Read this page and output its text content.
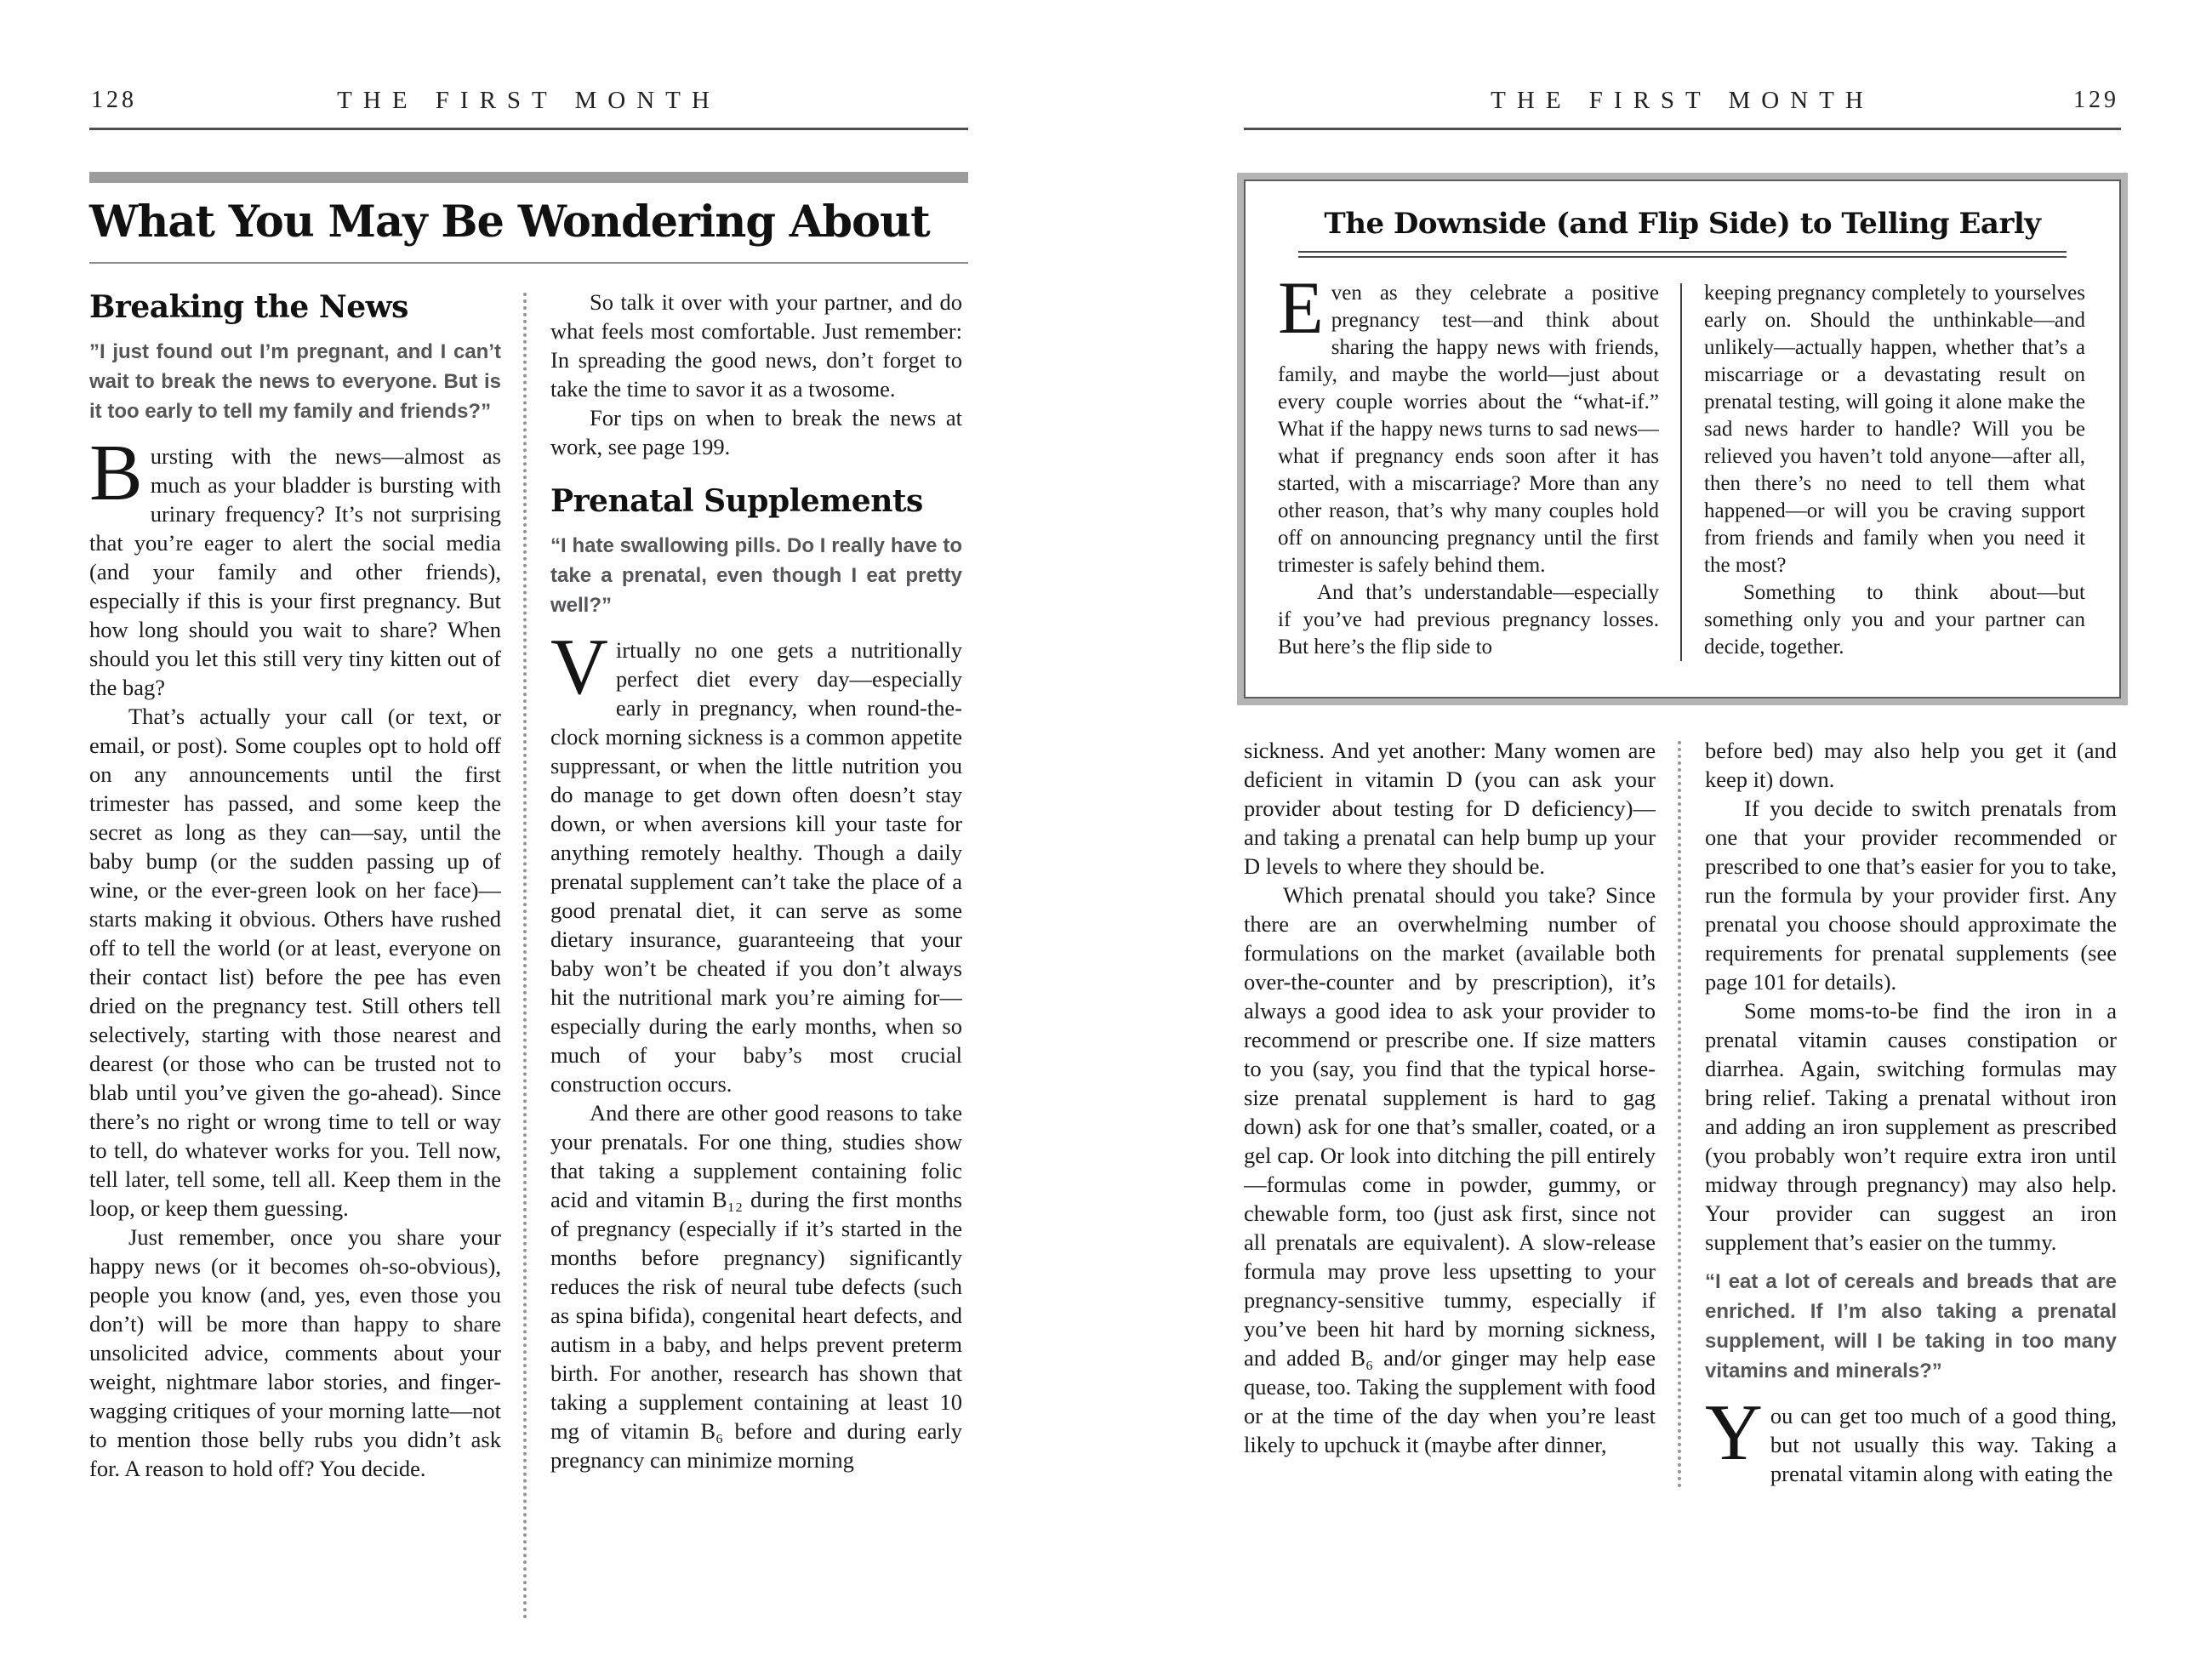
128	THE FIRST MONTH
What You May Be Wondering About
Breaking the News

”I just found out I’m pregnant, and I can’t wait to break the news to everyone. But is it too early to tell my family and friends?”

Bursting with the news—almost as much as your bladder is bursting with urinary frequency? It’s not surprising that you’re eager to alert the social media (and your family and other friends), especially if this is your first pregnancy. But how long should you wait to share? When should you let this still very tiny kitten out of the bag?

That’s actually your call (or text, or email, or post). Some couples opt to hold off on any announcements until the first trimester has passed, and some keep the secret as long as they can—say, until the baby bump (or the sudden passing up of wine, or the ever-green look on her face)—starts making it obvious. Others have rushed off to tell the world (or at least, everyone on their contact list) before the pee has even dried on the pregnancy test. Still others tell selectively, starting with those nearest and dearest (or those who can be trusted not to blab until you’ve given the go-ahead). Since there’s no right or wrong time to tell or way to tell, do whatever works for you. Tell now, tell later, tell some, tell all. Keep them in the loop, or keep them guessing.

Just remember, once you share your happy news (or it becomes oh-so-obvious), people you know (and, yes, even those you don’t) will be more than happy to share unsolicited advice, comments about your weight, nightmare labor stories, and finger-wagging critiques of your morning latte—not to mention those belly rubs you didn’t ask for. A reason to hold off? You decide.

So talk it over with your partner, and do what feels most comfortable. Just remember: In spreading the good news, don’t forget to take the time to savor it as a twosome.

For tips on when to break the news at work, see page 199.

Prenatal Supplements

“I hate swallowing pills. Do I really have to take a prenatal, even though I eat pretty well?”

Virtually no one gets a nutritionally perfect diet every day—especially early in pregnancy, when round-the-clock morning sickness is a common appetite suppressant, or when the little nutrition you do manage to get down often doesn’t stay down, or when aversions kill your taste for anything remotely healthy. Though a daily prenatal supplement can’t take the place of a good prenatal diet, it can serve as some dietary insurance, guaranteeing that your baby won’t be cheated if you don’t always hit the nutritional mark you’re aiming for—especially during the early months, when so much of your baby’s most crucial construction occurs.

And there are other good reasons to take your prenatals. For one thing, studies show that taking a supplement containing folic acid and vitamin B₁₂ during the first months of pregnancy (especially if it’s started in the months before pregnancy) significantly reduces the risk of neural tube defects (such as spina bifida), congenital heart defects, and autism in a baby, and helps prevent preterm birth. For another, research has shown that taking a supplement containing at least 10 mg of vitamin B₆ before and during early pregnancy can minimize morning

THE FIRST MONTH	129
The Downside (and Flip Side) to Telling Early

Even as they celebrate a positive pregnancy test—and think about sharing the happy news with friends, family, and maybe the world—just about every couple worries about the “what-if.” What if the happy news turns to sad news—what if pregnancy ends soon after it has started, with a miscarriage? More than any other reason, that’s why many couples hold off on announcing pregnancy until the first trimester is safely behind them.

And that’s understandable—especially if you’ve had previous pregnancy losses. But here’s the flip side to

keeping pregnancy completely to yourselves early on. Should the unthinkable—and unlikely—actually happen, whether that’s a miscarriage or a devastating result on prenatal testing, will going it alone make the sad news harder to handle? Will you be relieved you haven’t told anyone—after all, then there’s no need to tell them what happened—or will you be craving support from friends and family when you need it the most?

Something to think about—but something only you and your partner can decide, together.

sickness. And yet another: Many women are deficient in vitamin D (you can ask your provider about testing for D deficiency)—and taking a prenatal can help bump up your D levels to where they should be.

Which prenatal should you take? Since there are an overwhelming number of formulations on the market (available both over-the-counter and by prescription), it’s always a good idea to ask your provider to recommend or prescribe one. If size matters to you (say, you find that the typical horse-size prenatal supplement is hard to gag down) ask for one that’s smaller, coated, or a gel cap. Or look into ditching the pill entirely—formulas come in powder, gummy, or chewable form, too (just ask first, since not all prenatals are equivalent). A slow-release formula may prove less upsetting to your pregnancy-sensitive tummy, especially if you’ve been hit hard by morning sickness, and added B₆ and/or ginger may help ease quease, too. Taking the supplement with food or at the time of the day when you’re least likely to upchuck it (maybe after dinner,

before bed) may also help you get it (and keep it) down.

If you decide to switch prenatals from one that your provider recommended or prescribed to one that’s easier for you to take, run the formula by your provider first. Any prenatal you choose should approximate the requirements for prenatal supplements (see page 101 for details).

Some moms-to-be find the iron in a prenatal vitamin causes constipation or diarrhea. Again, switching formulas may bring relief. Taking a prenatal without iron and adding an iron supplement as prescribed (you probably won’t require extra iron until midway through pregnancy) may also help. Your provider can suggest an iron supplement that’s easier on the tummy.

“I eat a lot of cereals and breads that are enriched. If I’m also taking a prenatal supplement, will I be taking in too many vitamins and minerals?”

You can get too much of a good thing, but not usually this way. Taking a prenatal vitamin along with eating the
